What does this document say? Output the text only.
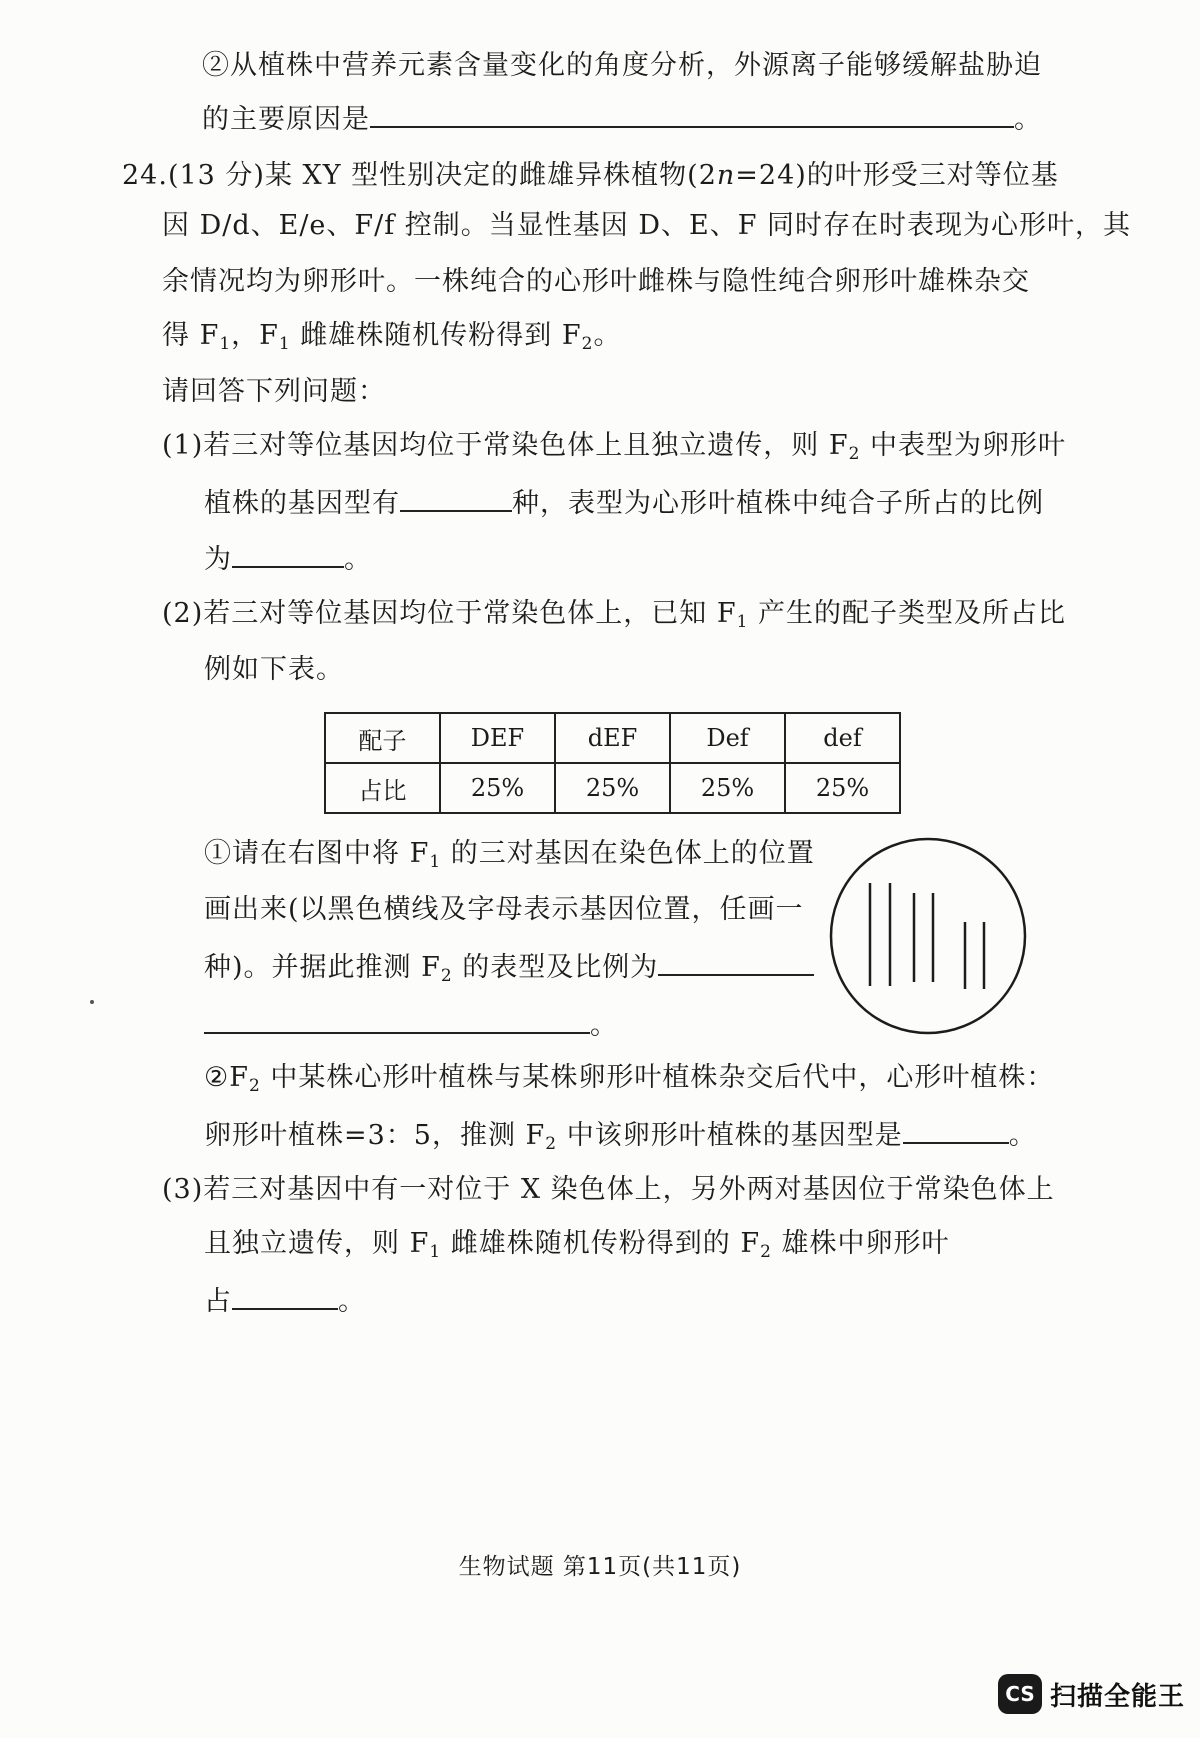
②从植株中营养元素含量变化的角度分析，外源离子能够缓解盐胁迫
的主要原因是	。
24.(13 分)某 XY 型性别决定的雌雄异株植物(2n=24)的叶形受三对等位基
因 D/d、E/e、F/f 控制。当显性基因 D、E、F 同时存在时表现为心形叶，其
余情况均为卵形叶。一株纯合的心形叶雌株与隐性纯合卵形叶雄株杂交
得 $F_1$，$F_1$ 雌雄株随机传粉得到 $F_2$。
请回答下列问题：
(1)若三对等位基因均位于常染色体上且独立遗传，则 $F_2$ 中表型为卵形叶
植株的基因型有	种，表型为心形叶植株中纯合子所占的比例
为	。
(2)若三对等位基因均位于常染色体上，已知 $F_1$ 产生的配子类型及所占比
例如下表。
配子	DEF	dEF	Def	def
占比	25%	25%	25%	25%
①请在右图中将 $F_1$ 的三对基因在染色体上的位置
画出来(以黑色横线及字母表示基因位置，任画一
种)。并据此推测 $F_2$ 的表型及比例为
。
$②F_2$ 中某株心形叶植株与某株卵形叶植株杂交后代中，心形叶植株：
卵形叶植株=3：5，推测 $F_2$ 中该卵形叶植株的基因型是	。
(3)若三对基因中有一对位于 X 染色体上，另外两对基因位于常染色体上
且独立遗传，则 $F_1$ 雌雄株随机传粉得到的 $F_2$ 雄株中卵形叶
占	。
生物试题 第11页(共11页)
CS 扫描全能王
